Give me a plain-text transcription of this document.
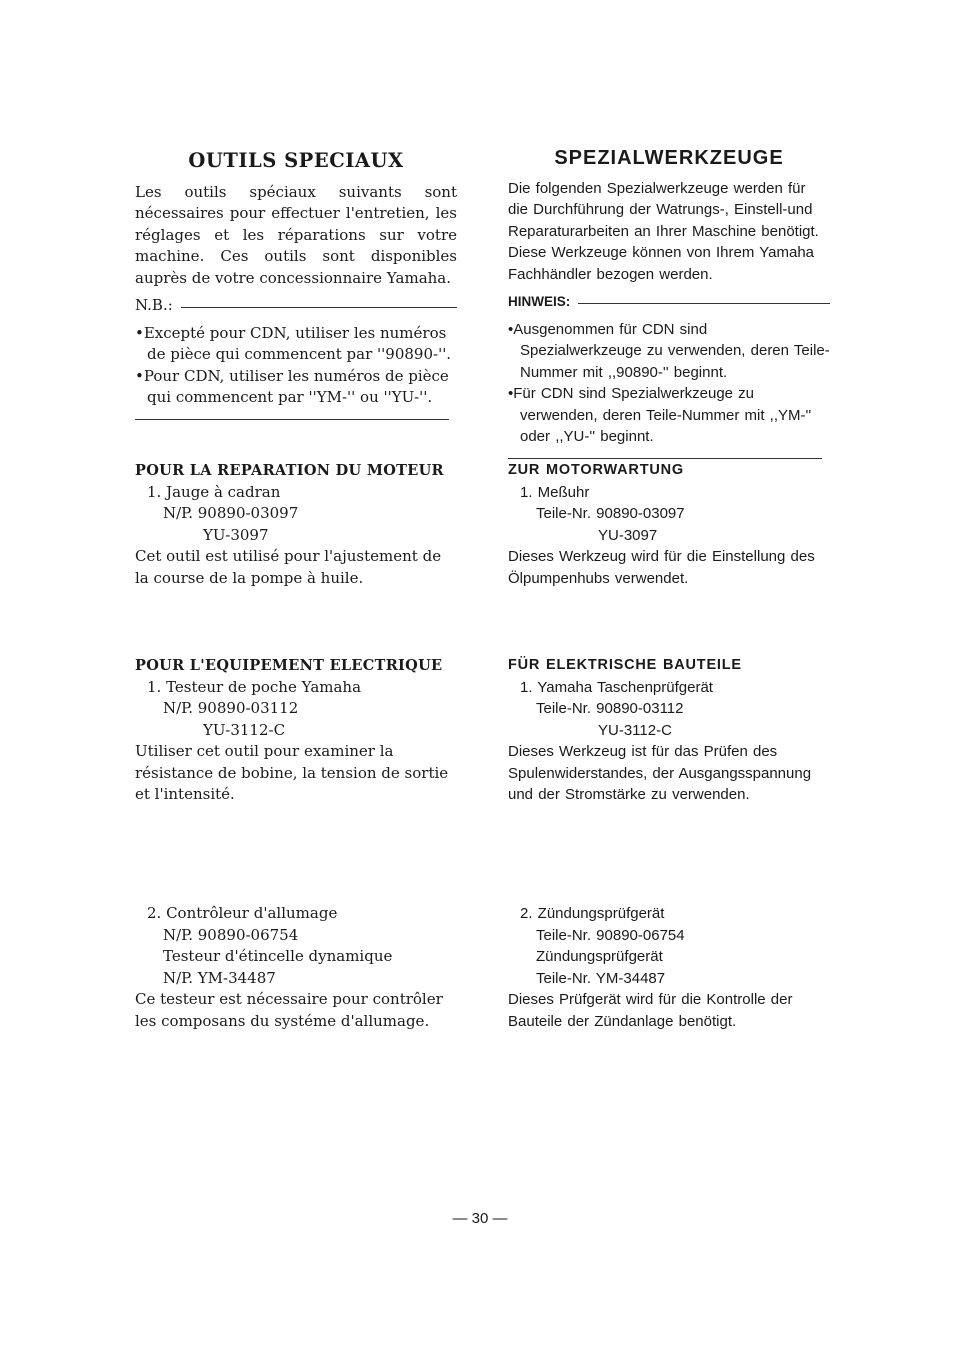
OUTILS SPECIAUX

Les outils spéciaux suivants sont nécessaires pour effectuer l'entretien, les réglages et les réparations sur votre machine. Ces outils sont disponibles auprès de votre concessionnaire Yamaha.

N.B.:

•Excepté pour CDN, utiliser les numéros de pièce qui commencent par ''90890-''.

•Pour CDN, utiliser les numéros de pièce qui commencent par ''YM-'' ou ''YU-''.

POUR LA REPARATION DU MOTEUR

1. Jauge à cadran

N/P. 90890-03097

YU-3097

Cet outil est utilisé pour l'ajustement de la course de la pompe à huile.

POUR L'EQUIPEMENT ELECTRIQUE

1. Testeur de poche Yamaha

N/P. 90890-03112

YU-3112-C

Utiliser cet outil pour examiner la résistance de bobine, la tension de sortie et l'intensité.

2. Contrôleur d'allumage

N/P. 90890-06754

Testeur d'étincelle dynamique

N/P. YM-34487

Ce testeur est nécessaire pour contrôler les composans du systéme d'allumage.

SPEZIALWERKZEUGE

Die folgenden Spezialwerkzeuge werden für die Durchführung der Watrungs-, Einstell-und Reparaturarbeiten an Ihrer Maschine benötigt. Diese Werkzeuge können von Ihrem Yamaha Fachhändler bezogen werden.

HINWEIS:

•Ausgenommen für CDN sind Spezialwerkzeuge zu verwenden, deren Teile-Nummer mit ,,90890-'' beginnt.

•Für CDN sind Spezialwerkzeuge zu verwenden, deren Teile-Nummer mit ,,YM-'' oder ,,YU-'' beginnt.

ZUR MOTORWARTUNG

1. Meßuhr

Teile-Nr. 90890-03097

YU-3097

Dieses Werkzeug wird für die Einstellung des Ölpumpenhubs verwendet.

FÜR ELEKTRISCHE BAUTEILE

1. Yamaha Taschenprüfgerät

Teile-Nr. 90890-03112

YU-3112-C

Dieses Werkzeug ist für das Prüfen des Spulenwiderstandes, der Ausgangsspannung und der Stromstärke zu verwenden.

2. Zündungsprüfgerät

Teile-Nr. 90890-06754

Zündungsprüfgerät

Teile-Nr. YM-34487

Dieses Prüfgerät wird für die Kontrolle der Bauteile der Zündanlage benötigt.

— 30 —
